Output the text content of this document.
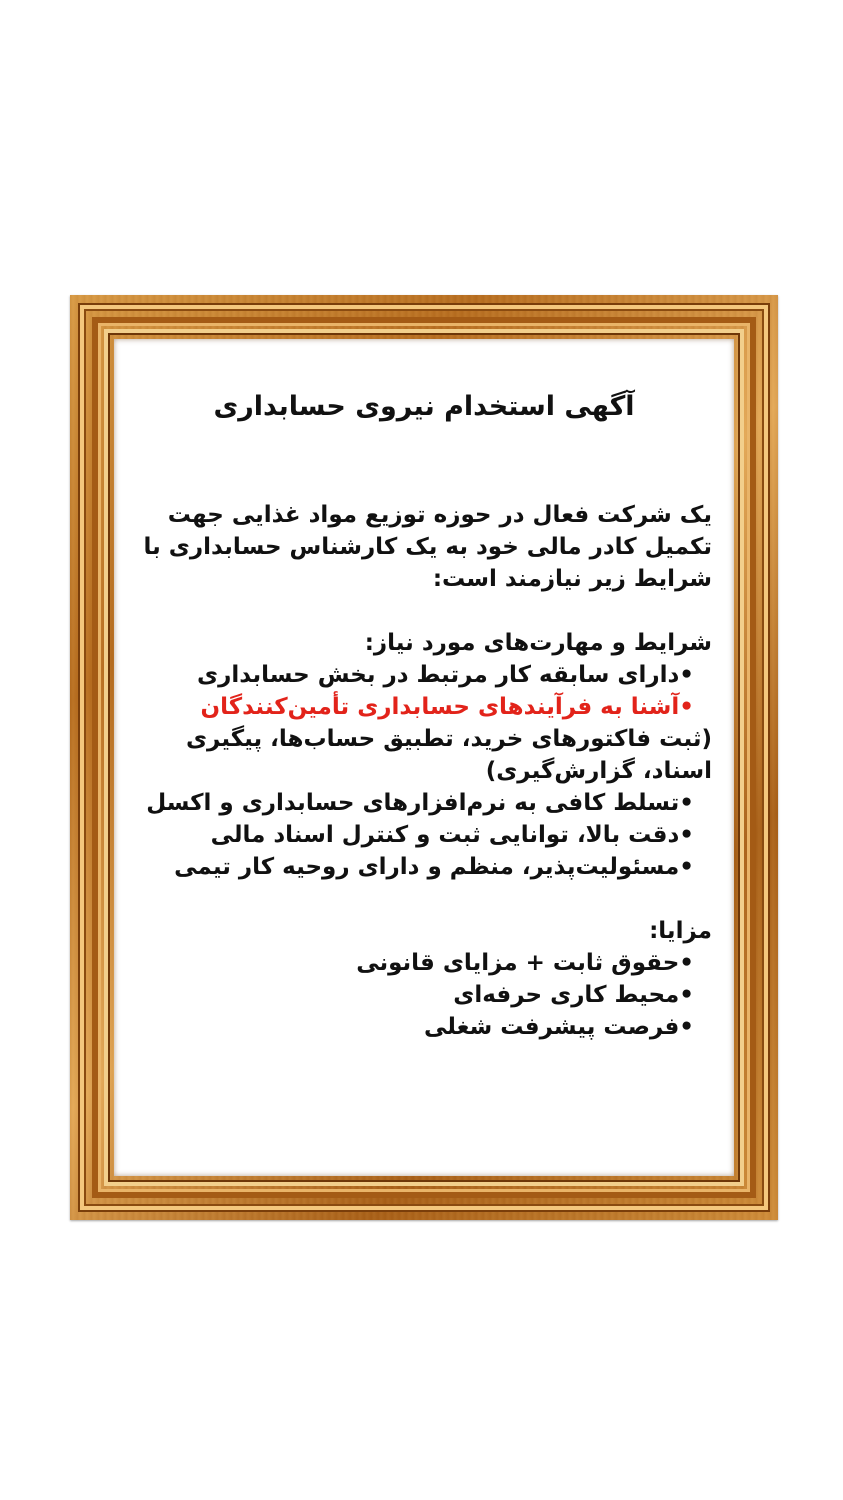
آگهی استخدام نیروی حسابداری

یک شرکت فعال در حوزه توزیع مواد غذایی جهت تکمیل کادر مالی خود به یک کارشناس حسابداری با شرایط زیر نیازمند است:

شرایط و مهارت‌های مورد نیاز:

•دارای سابقه کار مرتبط در بخش حسابداری
•آشنا به فرآیندهای حسابداری تأمین‌کنندگان
(ثبت فاکتورهای خرید، تطبیق حساب‌ها، پیگیری اسناد، گزارش‌گیری)
•تسلط کافی به نرم‌افزارهای حسابداری و اکسل
•دقت بالا، توانایی ثبت و کنترل اسناد مالی
•مسئولیت‌پذیر، منظم و دارای روحیه کار تیمی

مزایا:

•حقوق ثابت + مزایای قانونی
•محیط کاری حرفه‌ای
•فرصت پیشرفت شغلی
